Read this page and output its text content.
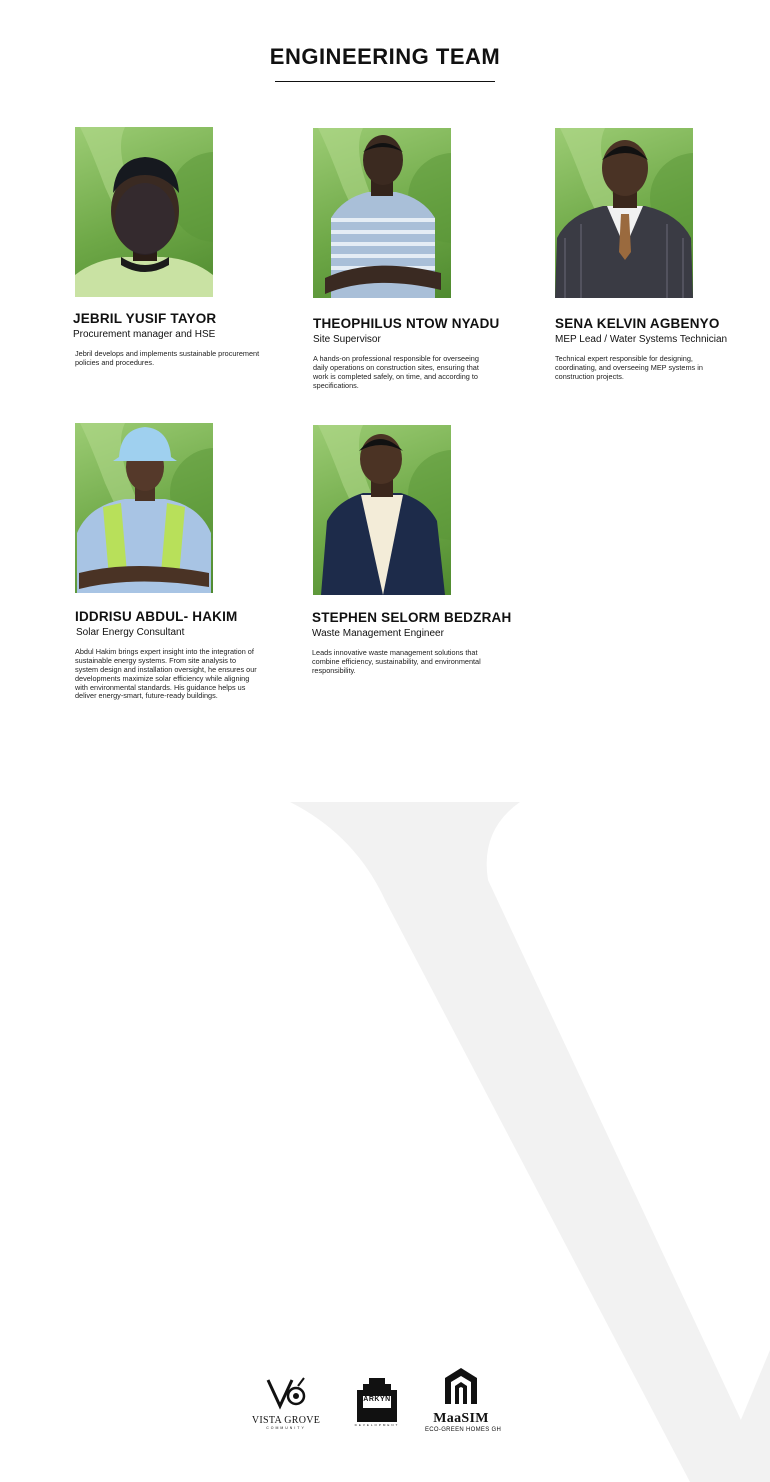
ENGINEERING TEAM
JEBRIL YUSIF TAYOR
Procurement manager and HSE
Jebril develops and implements sustainable procurement policies and procedures.
THEOPHILUS NTOW NYADU
Site Supervisor
A hands-on professional responsible for overseeing daily operations on construction sites, ensuring that work is completed safely, on time, and according to specifications.
SENA KELVIN AGBENYO
MEP Lead / Water Systems Technician
Technical expert responsible for designing, coordinating, and overseeing MEP systems in construction projects.
IDDRISU ABDUL- HAKIM
Solar Energy Consultant
Abdul Hakim brings expert insight into the integration of sustainable energy systems. From site analysis to system design and installation oversight, he ensures our developments maximize solar efficiency while aligning with environmental standards. His guidance helps us deliver energy-smart, future-ready buildings.
STEPHEN SELORM BEDZRAH
Waste Management Engineer
Leads innovative waste management solutions that combine efficiency, sustainability, and environmental responsibility.
VISTA GROVE
COMMUNITY
ARKYN
DEVELOPMENT	MaaSIM
ECO-GREEN HOMES GH
